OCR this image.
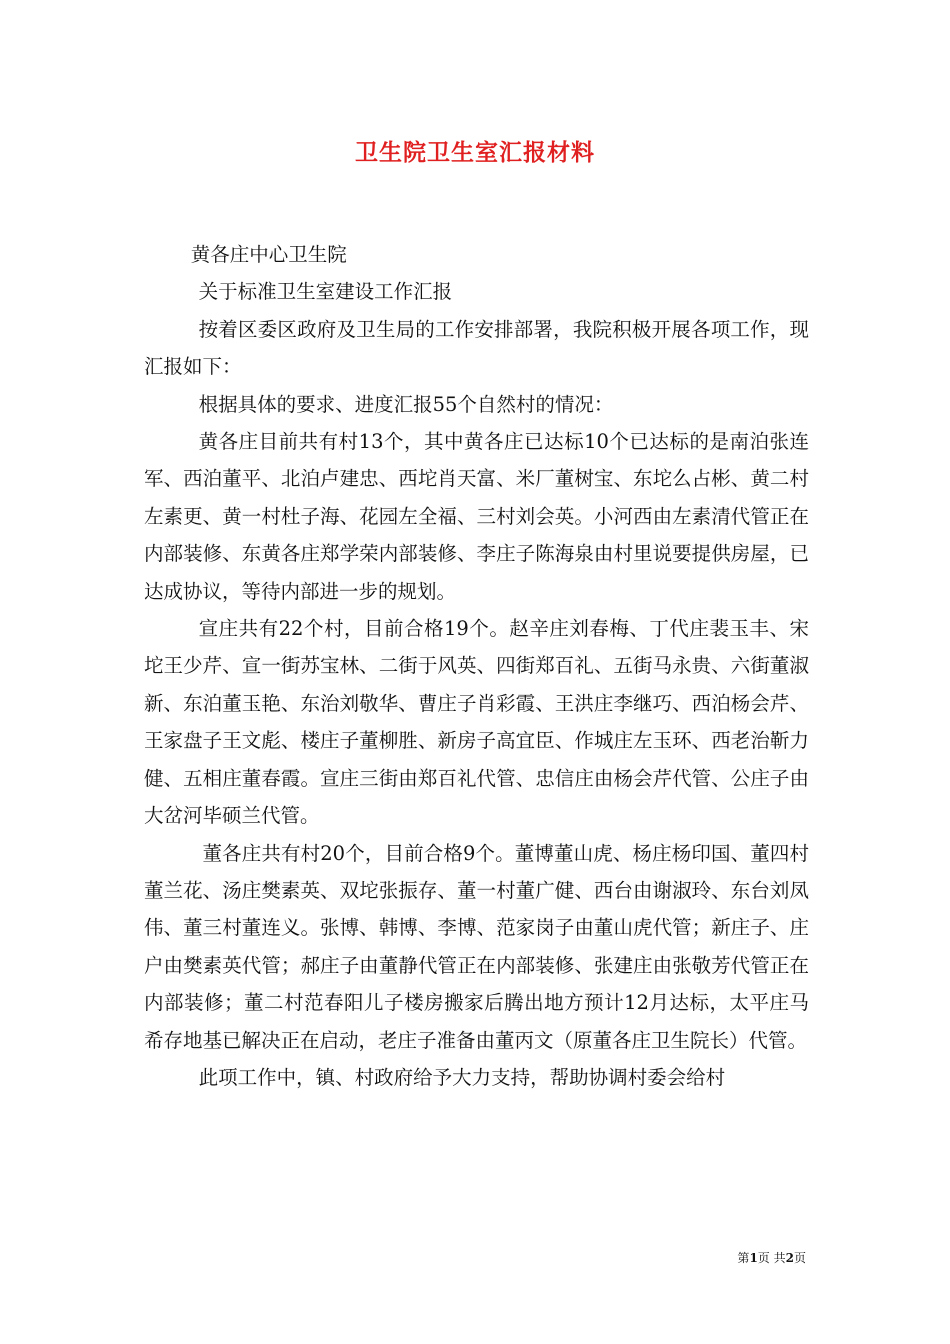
卫生院卫生室汇报材料

黄各庄中心卫生院

关于标准卫生室建设工作汇报

按着区委区政府及卫生局的工作安排部署，我院积极开展各项工作，现汇报如下：

根据具体的要求、进度汇报55个自然村的情况：

黄各庄目前共有村13个，其中黄各庄已达标10个已达标的是南泊张连军、西泊董平、北泊卢建忠、西坨肖天富、米厂董树宝、东坨么占彬、黄二村左素更、黄一村杜子海、花园左全福、三村刘会英。小河西由左素清代管正在内部装修、东黄各庄郑学荣内部装修、李庄子陈海泉由村里说要提供房屋，已达成协议，等待内部进一步的规划。

宣庄共有22个村，目前合格19个。赵辛庄刘春梅、丁代庄裴玉丰、宋坨王少芹、宣一街苏宝林、二街于风英、四街郑百礼、五街马永贵、六街董淑新、东泊董玉艳、东治刘敬华、曹庄子肖彩霞、王洪庄李继巧、西泊杨会芹、王家盘子王文彪、楼庄子董柳胜、新房子高宜臣、作城庄左玉环、西老治靳力健、五相庄董春霞。宣庄三街由郑百礼代管、忠信庄由杨会芹代管、公庄子由大岔河毕硕兰代管。

董各庄共有村20个，目前合格9个。董博董山虎、杨庄杨印国、董四村董兰花、汤庄樊素英、双坨张振存、董一村董广健、西台由谢淑玲、东台刘凤伟、董三村董连义。张博、韩博、李博、范家岗子由董山虎代管；新庄子、庄户由樊素英代管；郝庄子由董静代管正在内部装修、张建庄由张敬芳代管正在内部装修；董二村范春阳儿子楼房搬家后腾出地方预计12月达标，太平庄马希存地基已解决正在启动，老庄子准备由董丙文（原董各庄卫生院长）代管。

此项工作中，镇、村政府给予大力支持，帮助协调村委会给村

第1页 共2页
